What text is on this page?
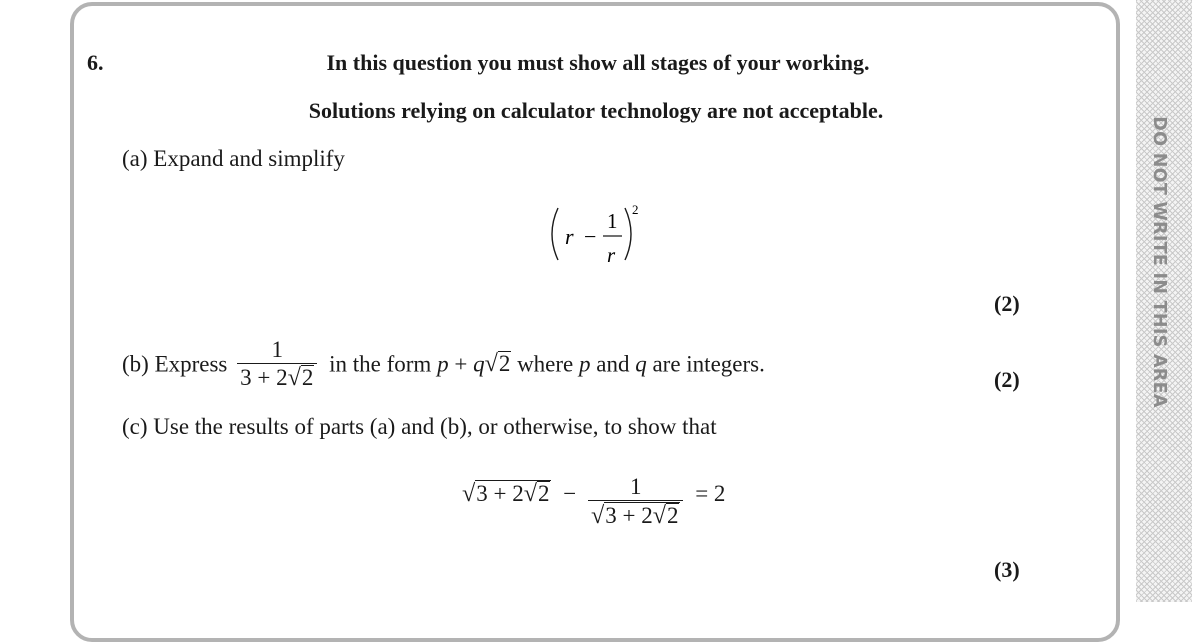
DO NOT WRITE IN THIS AREA
6.	In this question you must show all stages of your working.
Solutions relying on calculator technology are not acceptable.
(a) Expand and simplify
r −
1
r
2
(2)
(b) Express $\frac{1}{3 + 2 √ 2}$ in the form p + q √ 2 where p and q are integers.
(2)
(c) Use the results of parts (a) and (b), or otherwise, to show that
√ 3 + 2 √ $2 - \frac{1}{√ 3 + 2 √ 2} = 2$
(3)
